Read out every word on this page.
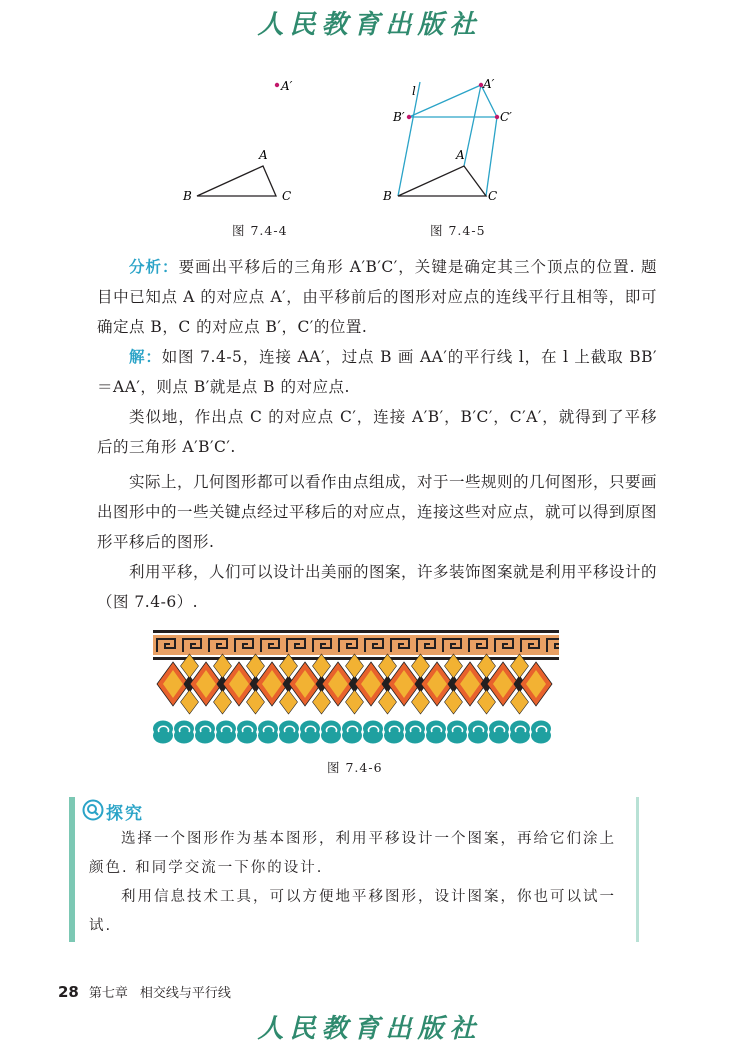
人民教育出版社
A′
A
B	C
图 7.4-4
l	A′
B′	C′
A
B	C
图 7.4-5

分析：要画出平移后的三角形 A′B′C′，关键是确定其三个顶点的位置. 题目中已知点 A 的对应点 A′，由平移前后的图形对应点的连线平行且相等，即可确定点 B，C 的对应点 B′，C′的位置.

解：如图 7.4-5，连接 AA′，过点 B 画 AA′的平行线 l，在 l 上截取 BB′＝AA′，则点 B′就是点 B 的对应点.

类似地，作出点 C 的对应点 C′，连接 A′B′，B′C′，C′A′，就得到了平移后的三角形 A′B′C′.

实际上，几何图形都可以看作由点组成，对于一些规则的几何图形，只要画出图形中的一些关键点经过平移后的对应点，连接这些对应点，就可以得到原图形平移后的图形.

利用平移，人们可以设计出美丽的图案，许多装饰图案就是利用平移设计的（图 7.4-6）.

图 7.4-6
探究

选择一个图形作为基本图形，利用平移设计一个图案，再给它们涂上颜色. 和同学交流一下你的设计.

利用信息技术工具，可以方便地平移图形，设计图案，你也可以试一试.

28 第七章 相交线与平行线
人民教育出版社
